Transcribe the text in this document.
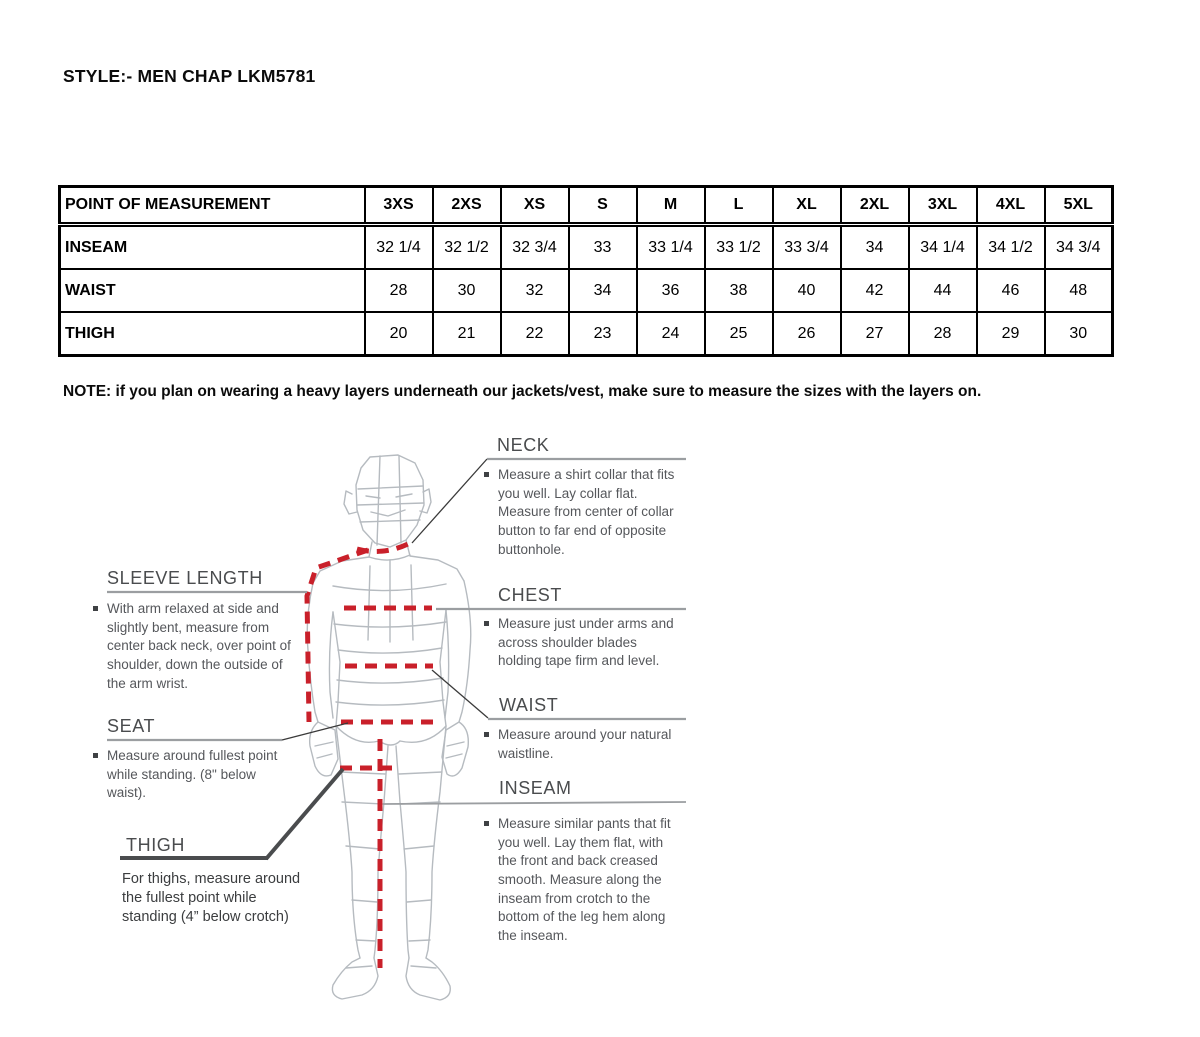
STYLE:- MEN CHAP LKM5781
POINT OF MEASUREMENT	3XS	2XS	XS	S	M	L	XL	2XL	3XL	4XL	5XL
INSEAM	32 1/4	32 1/2	32 3/4	33	33 1/4	33 1/2	33 3/4	34	34 1/4	34 1/2	34 3/4
WAIST	28	30	32	34	36	38	40	42	44	46	48
THIGH	20	21	22	23	24	25	26	27	28	29	30
NOTE: if you plan on wearing a heavy layers underneath our jackets/vest, make sure to measure the sizes with the layers on.
NECK

Measure a shirt collar that fits you well. Lay collar flat. Measure from center of collar button to far end of opposite buttonhole.

SLEEVE LENGTH

With arm relaxed at side and slightly bent, measure from center back neck, over point of shoulder, down the outside of the arm wrist.

CHEST

Measure just under arms and across shoulder blades holding tape firm and level.

WAIST

Measure around your natural waistline.

SEAT

Measure around fullest point while standing. (8" below waist).	INSEAM

Measure similar pants that fit you well. Lay them flat, with the front and back creased smooth. Measure along the inseam from crotch to the bottom of the leg hem along the inseam.

THIGH

For thighs, measure around the fullest point while standing (4” below crotch)
